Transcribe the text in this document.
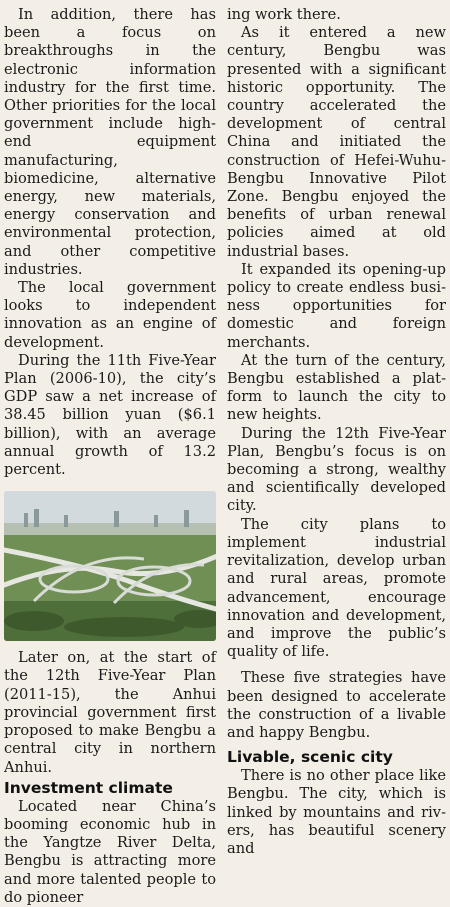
In addition, there has been a focus on breakthroughs in the electronic information industry for the first time. Other priorities for the local government include high-end equipment manufacturing, biomedicine, alternative energy, new materials, energy conservation and environmental protection, and other competitive industries.

The local government looks to independent innovation as an engine of development.

During the 11th Five-Year Plan (2006-10), the city’s GDP saw a net increase of 38.45 billion yuan ($6.1 billion), with an average annual growth of 13.2 percent.

Later on, at the start of the 12th Five-Year Plan (2011-15), the Anhui provincial government first proposed to make Bengbu a central city in northern Anhui.

Investment climate

Located near China’s booming economic hub in the Yangtze River Delta, Bengbu is attracting more and more talented people to do pioneer

ing work there.

As it entered a new century, Bengbu was presented with a significant historic opportunity. The country accelerated the development of central China and initiated the construction of Hefei-Wuhu-Bengbu Innovative Pilot Zone. Bengbu enjoyed the benefits of urban renewal policies aimed at old industrial bases.

It expanded its opening-up policy to create endless business opportunities for domestic and foreign merchants.

At the turn of the century, Bengbu established a platform to launch the city to new heights.

During the 12th Five-Year Plan, Bengbu’s focus is on becoming a strong, wealthy and scientifically developed city.

The city plans to implement industrial revitalization, develop urban and rural areas, promote advancement, encourage innovation and development, and improve the public’s quality of life.

These five strategies have been designed to accelerate the construction of a livable and happy Bengbu.

Livable, scenic city

There is no other place like Bengbu. The city, which is linked by mountains and rivers, has beautiful scenery and
